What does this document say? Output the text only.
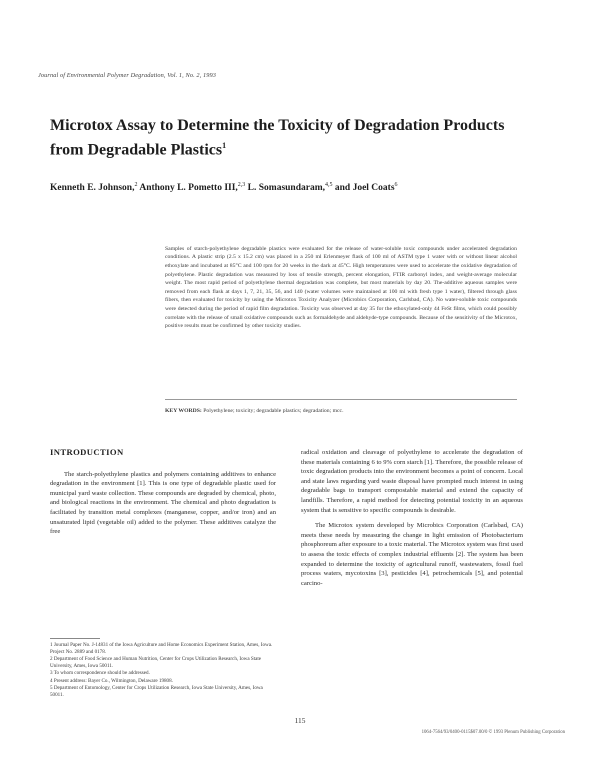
Journal of Environmental Polymer Degradation, Vol. 1, No. 2, 1993
Microtox Assay to Determine the Toxicity of Degradation Products from Degradable Plastics$^1$
Kenneth E. Johnson,$^2$ Anthony L. Pometto III,$^{2,3}$ L. Somasundaram,$^{4,5}$ and Joel Coats$^6$

Samples of starch-polyethylene degradable plastics were evaluated for the release of water-soluble toxic compounds under accelerated degradation conditions. A plastic strip (2.5 x 15.2 cm) was placed in a 250 ml Erlenmeyer flask of 100 ml of ASTM type 1 water with or without linear alcohol ethoxylate and incubated at 85°C and 100 rpm for 20 weeks in the dark at 45°C. High temperatures were used to accelerate the oxidative degradation of polyethylene. Plastic degradation was measured by loss of tensile strength, percent elongation, FTIR carbonyl index, and weight-average molecular weight. The most rapid period of polyethylene thermal degradation was complete, but most materials by day 20. The-additive aqueous samples were removed from each flask at days 1, 7, 21, 35, 56, and 140 (water volumes were maintained at 100 ml with fresh type 1 water), filtered through glass fibers, then evaluated for toxicity by using the Microtox Toxicity Analyzer (Microbics Corporation, Carlsbad, CA). No water-soluble toxic compounds were detected during the period of rapid film degradation. Toxicity was observed at day 35 for the ethoxylated-only 44 FeSt films, which could possibly correlate with the release of small oxidative compounds such as formaldehyde and aldehyde-type compounds. Because of the sensitivity of the Microtox, positive results must be confirmed by other toxicity studies.

KEY WORDS: Polyethylene; toxicity; degradable plastics; degradation; mcc.
INTRODUCTION

The starch-polyethylene plastics and polymers containing additives to enhance degradation in the environment [1]. This is one type of degradable plastic used for municipal yard waste collection. These compounds are degraded by chemical, photo, and biological reactions in the environment. The chemical and photo degradation is facilitated by transition metal complexes (manganese, copper, and/or iron) and an unsaturated lipid (vegetable oil) added to the polymer. These additives catalyze the free

1 Journal Paper No. J-14831 of the Iowa Agriculture and Home Economics Experiment Station, Ames, Iowa. Project No. 2889 and 0178.

2 Department of Food Science and Human Nutrition, Center for Crops Utilization Research, Iowa State University, Ames, Iowa 50011.

3 To whom correspondence should be addressed.

4 Present address: Bayer Co., Wilmington, Delaware 19808.

5 Department of Entomology, Center for Crops Utilization Research, Iowa State University, Ames, Iowa 50011.

radical oxidation and cleavage of polyethylene to accelerate the degradation of these materials containing 6 to 9% corn starch [1]. Therefore, the possible release of toxic degradation products into the environment becomes a point of concern. Local and state laws regarding yard waste disposal have prompted much interest in using degradable bags to transport compostable material and extend the capacity of landfills. Therefore, a rapid method for detecting potential toxicity in an aqueous system that is sensitive to specific compounds is desirable.

The Microtox system developed by Microbics Corporation (Carlsbad, CA) meets these needs by measuring the change in light emission of Photobacterium phosphoreum after exposure to a toxic material. The Microtox system was first used to assess the toxic effects of complex industrial effluents [2]. The system has been expanded to determine the toxicity of agricultural runoff, wastewaters, fossil fuel process waters, mycotoxins [3], pesticides [4], petrochemicals [5], and potential carcino-

115
1064-7564/93/0400-0115$07.00/0 © 1993 Plenum Publishing Corporation
